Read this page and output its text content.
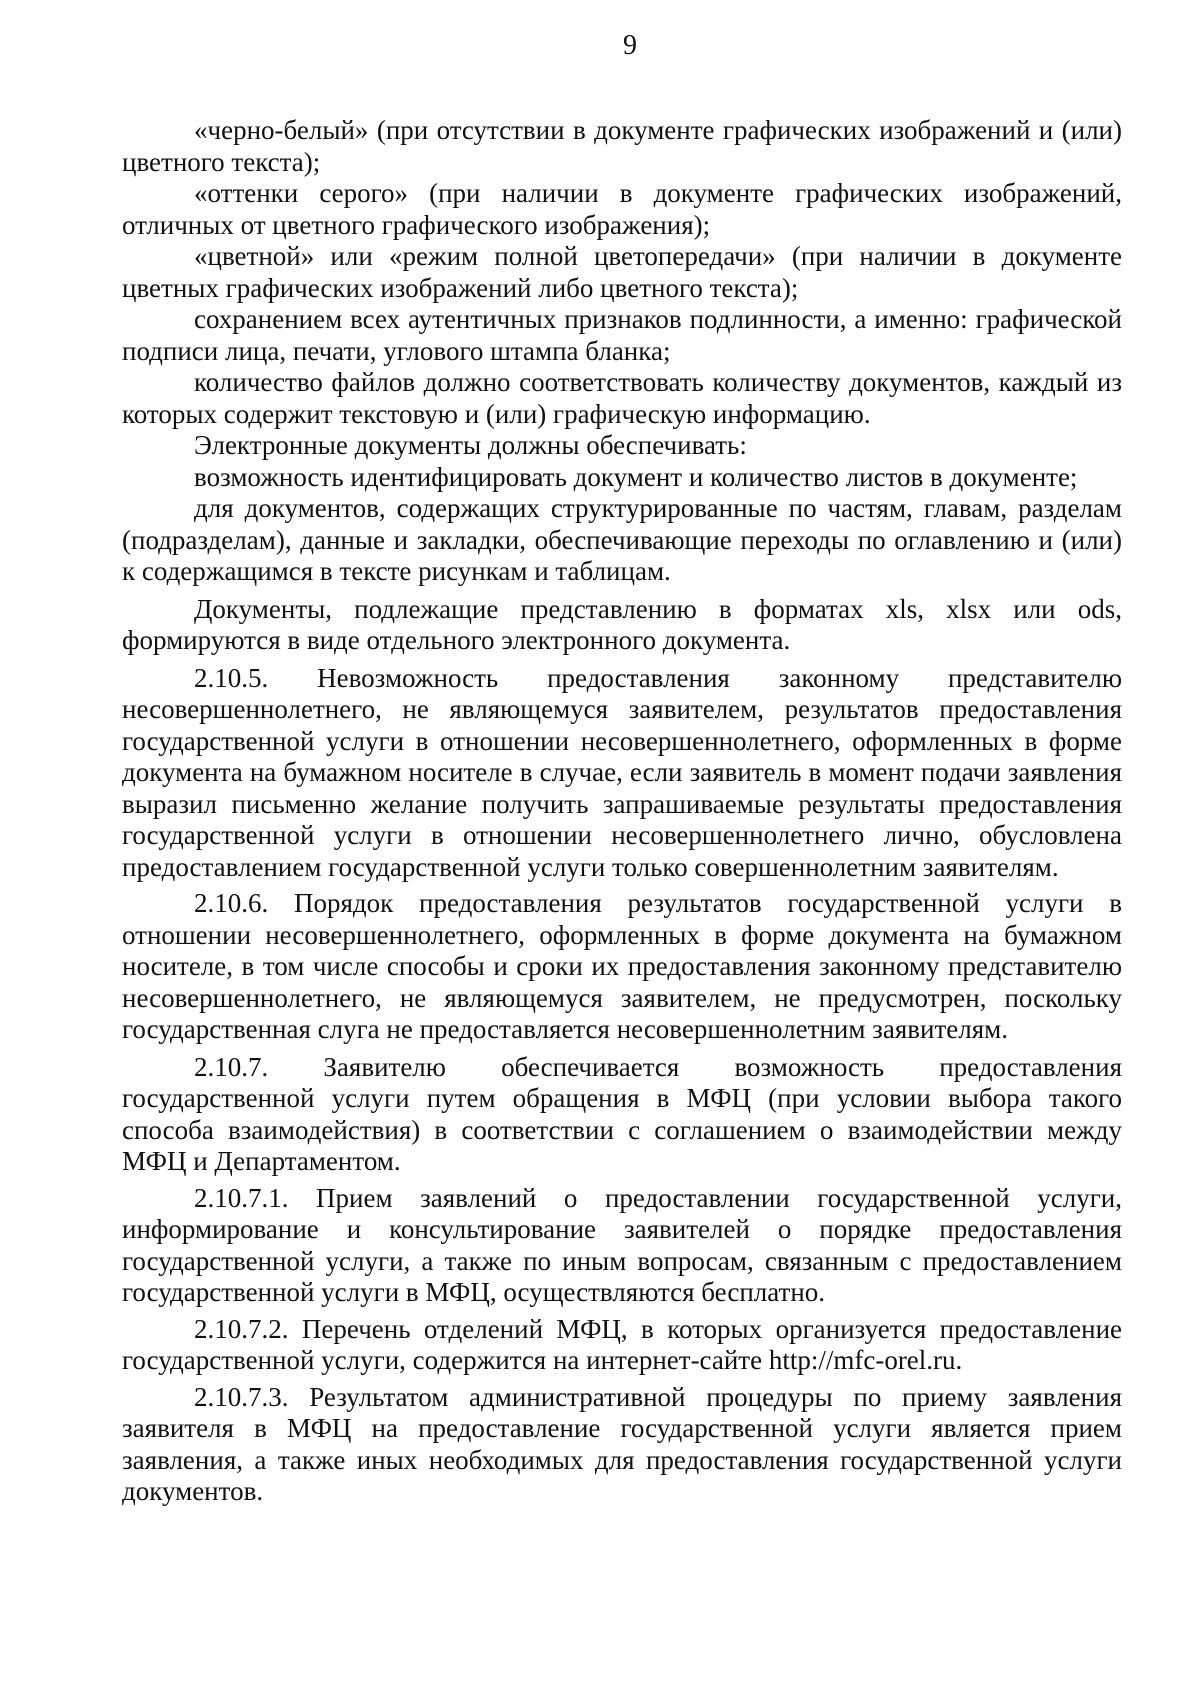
9

«черно-белый» (при отсутствии в документе графических изображений и (или) цветного текста);

«оттенки серого» (при наличии в документе графических изображений, отличных от цветного графического изображения);

«цветной» или «режим полной цветопередачи» (при наличии в документе цветных графических изображений либо цветного текста);

сохранением всех аутентичных признаков подлинности, а именно: графической подписи лица, печати, углового штампа бланка;

количество файлов должно соответствовать количеству документов, каждый из которых содержит текстовую и (или) графическую информацию.

Электронные документы должны обеспечивать:

возможность идентифицировать документ и количество листов в документе;

для документов, содержащих структурированные по частям, главам, разделам (подразделам), данные и закладки, обеспечивающие переходы по оглавлению и (или) к содержащимся в тексте рисункам и таблицам.

Документы, подлежащие представлению в форматах xls, xlsx или ods, формируются в виде отдельного электронного документа.

2.10.5. Невозможность предоставления законному представителю несовершеннолетнего, не являющемуся заявителем, результатов предоставления государственной услуги в отношении несовершеннолетнего, оформленных в форме документа на бумажном носителе в случае, если заявитель в момент подачи заявления выразил письменно желание получить запрашиваемые результаты предоставления государственной услуги в отношении несовершеннолетнего лично, обусловлена предоставлением государственной услуги только совершеннолетним заявителям.

2.10.6. Порядок предоставления результатов государственной услуги в отношении несовершеннолетнего, оформленных в форме документа на бумажном носителе, в том числе способы и сроки их предоставления законному представителю несовершеннолетнего, не являющемуся заявителем, не предусмотрен, поскольку государственная слуга не предоставляется несовершеннолетним заявителям.

2.10.7. Заявителю обеспечивается возможность предоставления государственной услуги путем обращения в МФЦ (при условии выбора такого способа взаимодействия) в соответствии с соглашением о взаимодействии между МФЦ и Департаментом.

2.10.7.1. Прием заявлений о предоставлении государственной услуги, информирование и консультирование заявителей о порядке предоставления государственной услуги, а также по иным вопросам, связанным с предоставлением государственной услуги в МФЦ, осуществляются бесплатно.

2.10.7.2. Перечень отделений МФЦ, в которых организуется предоставление государственной услуги, содержится на интернет-сайте http://mfc-orel.ru.

2.10.7.3. Результатом административной процедуры по приему заявления заявителя в МФЦ на предоставление государственной услуги является прием заявления, а также иных необходимых для предоставления государственной услуги документов.
